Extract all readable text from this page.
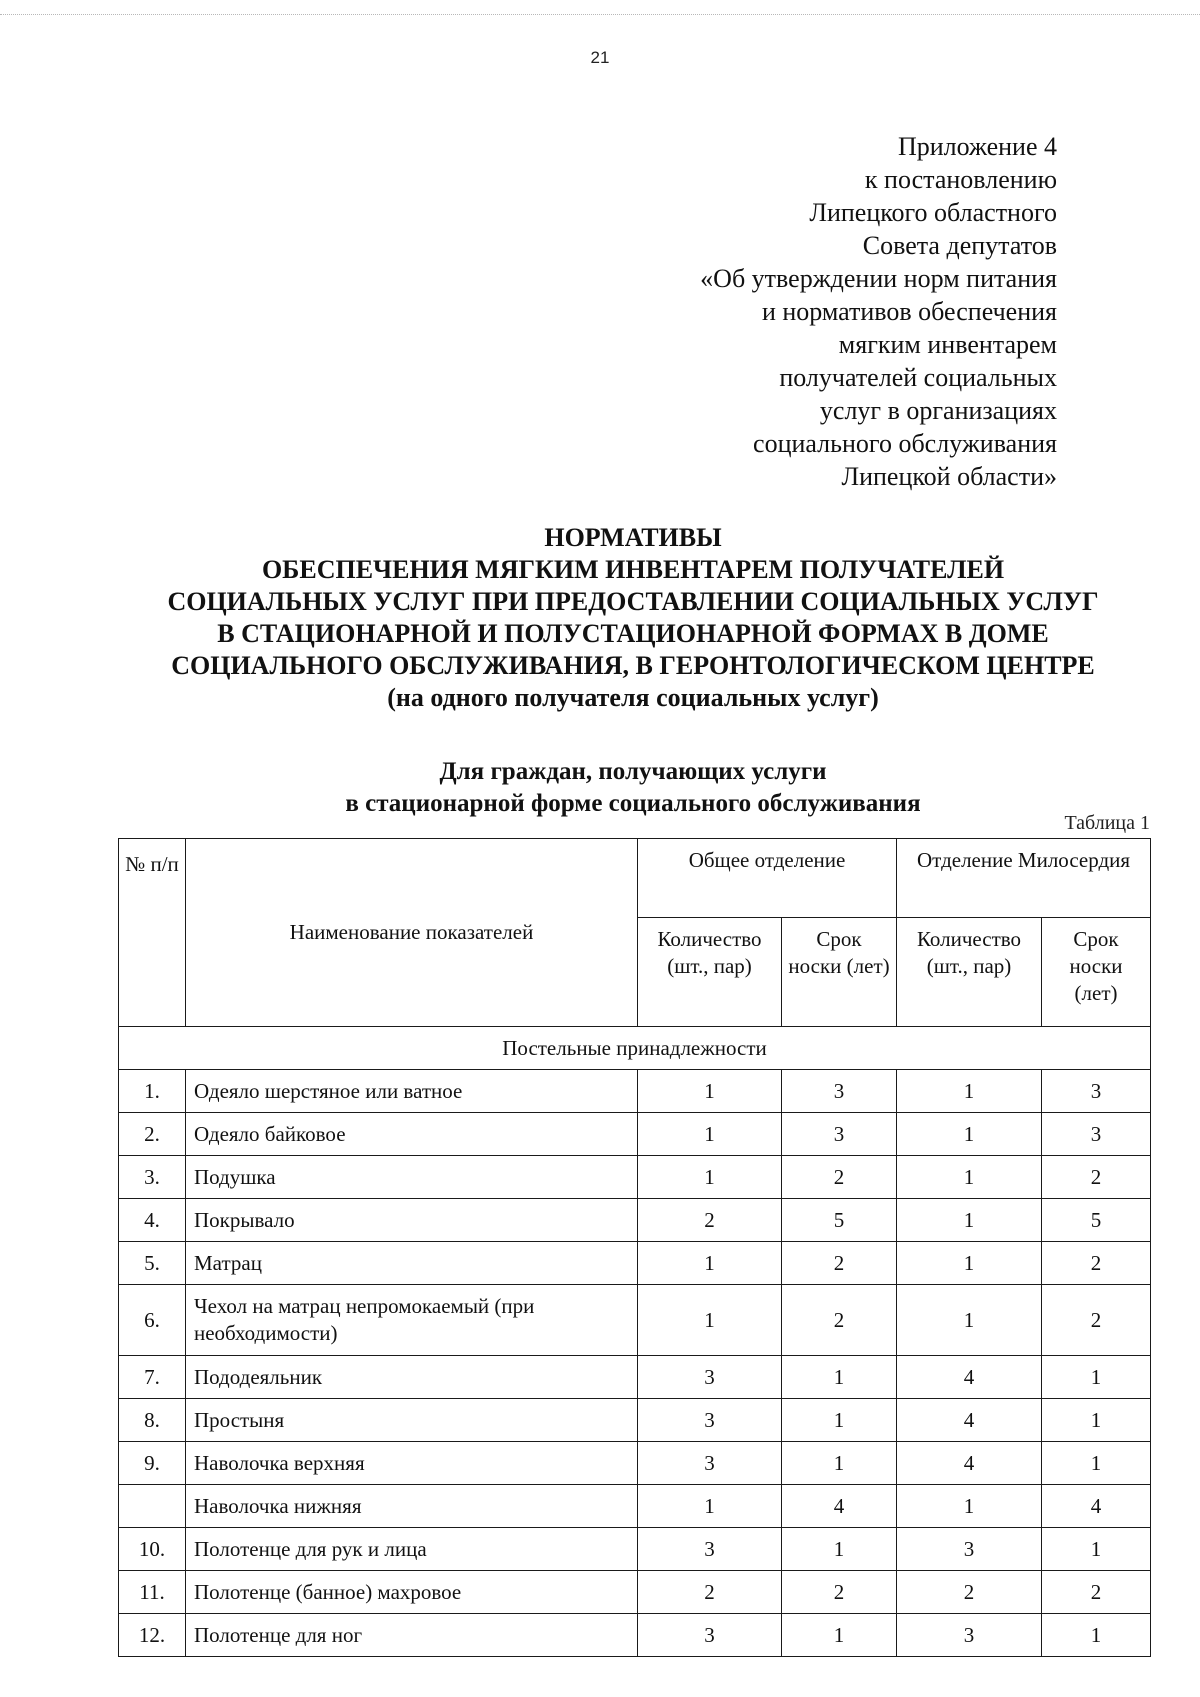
21
Приложение 4
к постановлению
Липецкого областного
Совета депутатов
«Об утверждении норм питания
и нормативов обеспечения
мягким инвентарем
получателей социальных
услуг в организациях
социального обслуживания
Липецкой области»
НОРМАТИВЫ
ОБЕСПЕЧЕНИЯ МЯГКИМ ИНВЕНТАРЕМ ПОЛУЧАТЕЛЕЙ
СОЦИАЛЬНЫХ УСЛУГ ПРИ ПРЕДОСТАВЛЕНИИ СОЦИАЛЬНЫХ УСЛУГ
В СТАЦИОНАРНОЙ И ПОЛУСТАЦИОНАРНОЙ ФОРМАХ В ДОМЕ
СОЦИАЛЬНОГО ОБСЛУЖИВАНИЯ, В ГЕРОНТОЛОГИЧЕСКОМ ЦЕНТРЕ
(на одного получателя социальных услуг)
Для граждан, получающих услуги
в стационарной форме социального обслуживания
Таблица 1
№ п/п	Наименование показателей	Общее отделение		Отделение Милосердия	
		Количество (шт., пар)	Срок носки (лет)	Количество (шт., пар)	Срок носки (лет)
Постельные принадлежности					
1.	Одеяло шерстяное или ватное	1	3	1	3
2.	Одеяло байковое	1	3	1	3
3.	Подушка	1	2	1	2
4.	Покрывало	2	5	1	5
5.	Матрац	1	2	1	2
6.	Чехол на матрац непромокаемый (при необходимости)	1	2	1	2
7.	Пододеяльник	3	1	4	1
8.	Простыня	3	1	4	1
9.	Наволочка верхняя	3	1	4	1
	Наволочка нижняя	1	4	1	4
10.	Полотенце для рук и лица	3	1	3	1
11.	Полотенце (банное) махровое	2	2	2	2
12.	Полотенце для ног	3	1	3	1
